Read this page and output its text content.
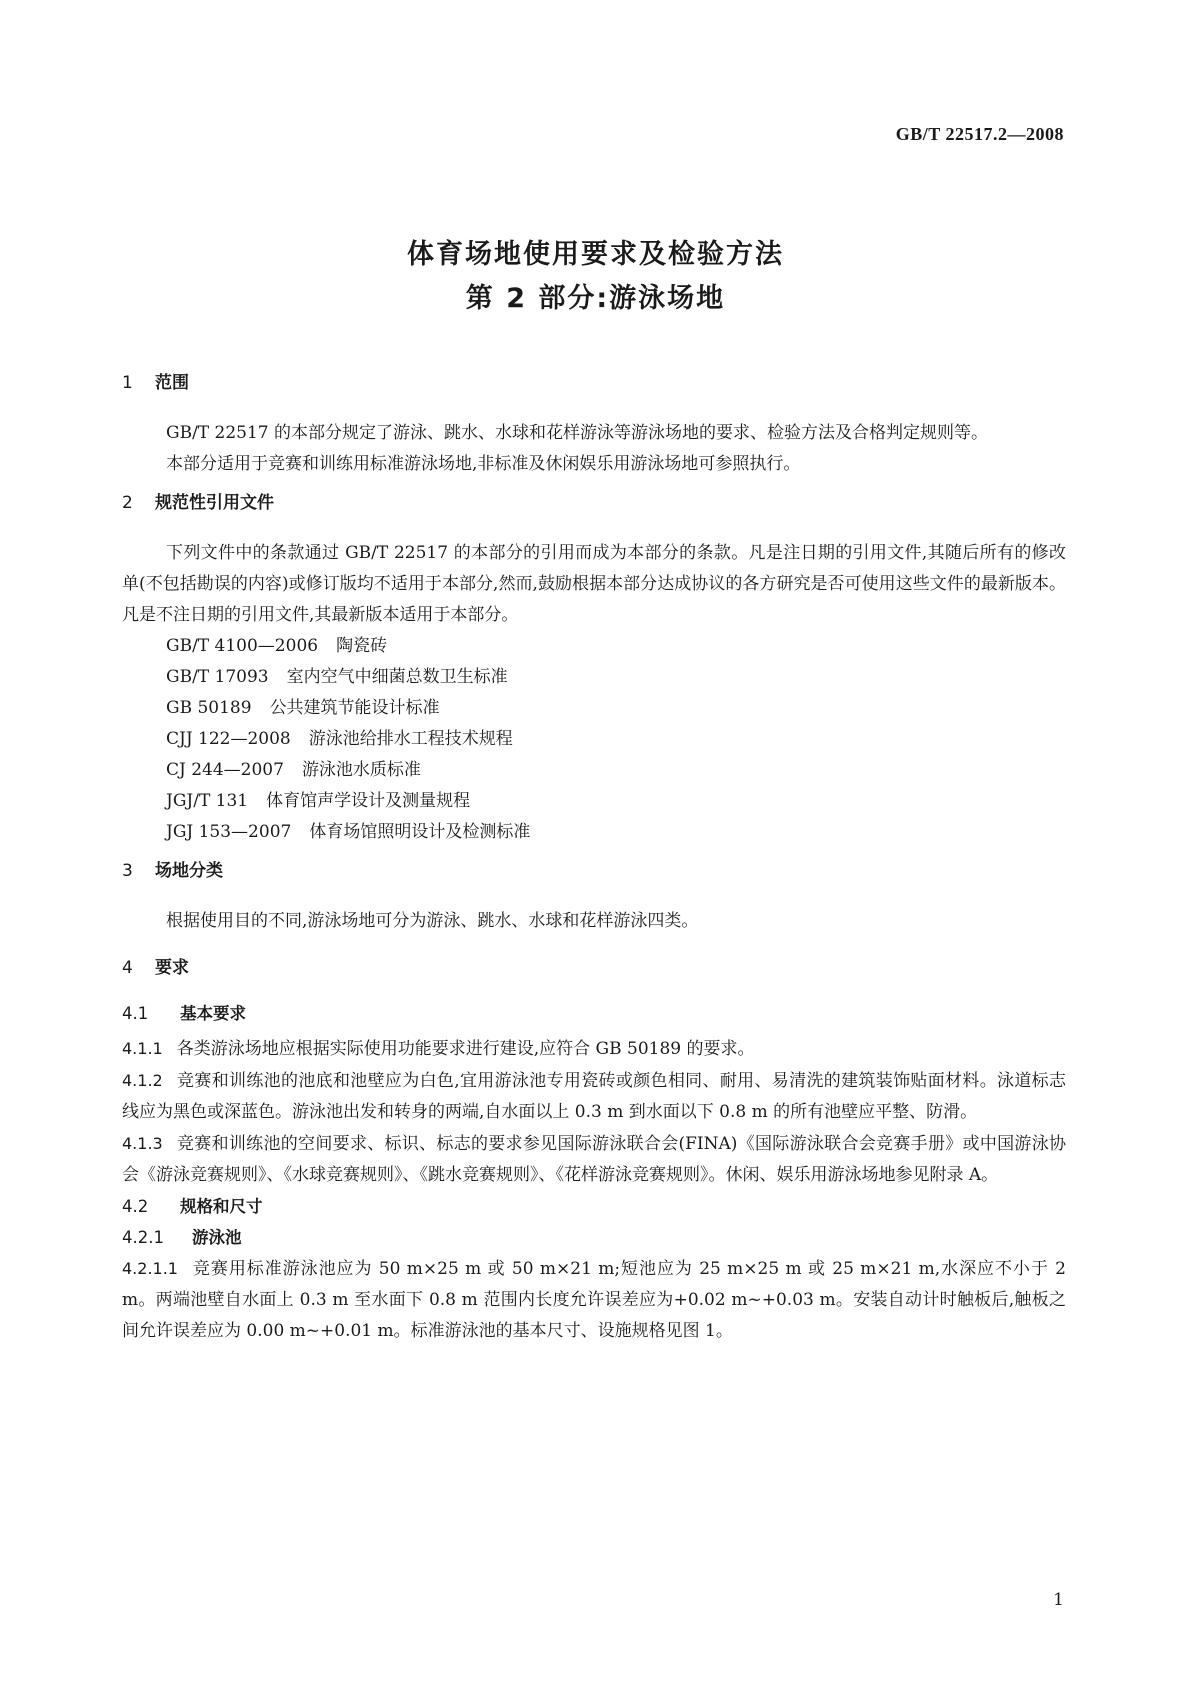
GB/T 22517.2—2008
体育场地使用要求及检验方法
第 2 部分:游泳场地
1 范围
GB/T 22517 的本部分规定了游泳、跳水、水球和花样游泳等游泳场地的要求、检验方法及合格判定规则等。
本部分适用于竞赛和训练用标准游泳场地,非标准及休闲娱乐用游泳场地可参照执行。
2 规范性引用文件
下列文件中的条款通过 GB/T 22517 的本部分的引用而成为本部分的条款。凡是注日期的引用文件,其随后所有的修改单(不包括勘误的内容)或修订版均不适用于本部分,然而,鼓励根据本部分达成协议的各方研究是否可使用这些文件的最新版本。凡是不注日期的引用文件,其最新版本适用于本部分。
GB/T 4100—2006 陶瓷砖
GB/T 17093 室内空气中细菌总数卫生标准
GB 50189 公共建筑节能设计标准
CJJ 122—2008 游泳池给排水工程技术规程
CJ 244—2007 游泳池水质标准
JGJ/T 131 体育馆声学设计及测量规程
JGJ 153—2007 体育场馆照明设计及检测标准
3 场地分类
根据使用目的不同,游泳场地可分为游泳、跳水、水球和花样游泳四类。
4 要求
4.1 基本要求
4.1.1 各类游泳场地应根据实际使用功能要求进行建设,应符合 GB 50189 的要求。
4.1.2 竞赛和训练池的池底和池壁应为白色,宜用游泳池专用瓷砖或颜色相同、耐用、易清洗的建筑装饰贴面材料。泳道标志线应为黑色或深蓝色。游泳池出发和转身的两端,自水面以上 0.3 m 到水面以下 0.8 m 的所有池壁应平整、防滑。
4.1.3 竞赛和训练池的空间要求、标识、标志的要求参见国际游泳联合会(FINA)《国际游泳联合会竞赛手册》或中国游泳协会《游泳竞赛规则》、《水球竞赛规则》、《跳水竞赛规则》、《花样游泳竞赛规则》。休闲、娱乐用游泳场地参见附录 A。
4.2 规格和尺寸
4.2.1 游泳池
4.2.1.1 竞赛用标准游泳池应为 50 m×25 m 或 50 m×21 m;短池应为 25 m×25 m 或 25 m×21 m,水深应不小于 2 m。两端池壁自水面上 0.3 m 至水面下 0.8 m 范围内长度允许误差应为+0.02 m~+0.03 m。安装自动计时触板后,触板之间允许误差应为 0.00 m~+0.01 m。标准游泳池的基本尺寸、设施规格见图 1。
1
